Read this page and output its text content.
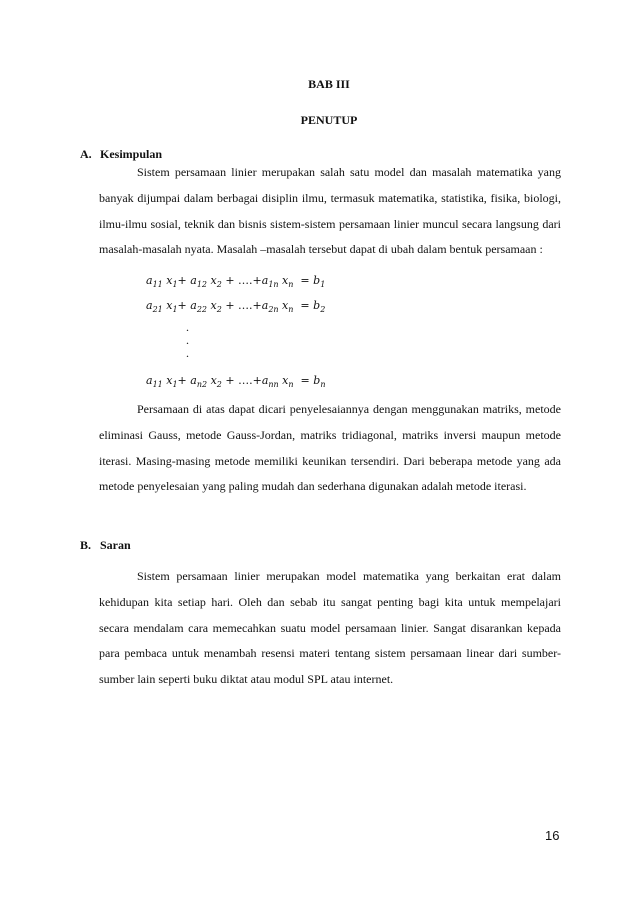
BAB III
PENUTUP
A. Kesimpulan

Sistem persamaan linier merupakan salah satu model dan masalah matematika yang banyak dijumpai dalam berbagai disiplin ilmu, termasuk matematika, statistika, fisika, biologi, ilmu-ilmu sosial, teknik dan bisnis sistem-sistem persamaan linier muncul secara langsung dari masalah-masalah nyata. Masalah –masalah tersebut dapat di ubah dalam bentuk persamaan :

$a_{11}$ $x_1+ a_{12}$ $x_2$ + $\dots.+a_{1n}$ $x_n = b_1$
$a_{21}$ $x_1+ a_{22}$ $x_2$ + $\dots.+a_{2n}$ $x_n = b_2$
.
.
.
$a_{11}$ $x_1+ a_{n2}$ $x_2$ + $\dots.+a_{nn}$ $x_n = b_n$

Persamaan di atas dapat dicari penyelesaiannya dengan menggunakan matriks, metode eliminasi Gauss, metode Gauss-Jordan, matriks tridiagonal, matriks inversi maupun metode iterasi. Masing-masing metode memiliki keunikan tersendiri. Dari beberapa metode yang ada metode penyelesaian yang paling mudah dan sederhana digunakan adalah metode iterasi.

B. Saran

Sistem persamaan linier merupakan model matematika yang berkaitan erat dalam kehidupan kita setiap hari. Oleh dan sebab itu sangat penting bagi kita untuk mempelajari secara mendalam cara memecahkan suatu model persamaan linier. Sangat disarankan kepada para pembaca untuk menambah resensi materi tentang sistem persamaan linear dari sumber-sumber lain seperti buku diktat atau modul SPL atau internet.

16
